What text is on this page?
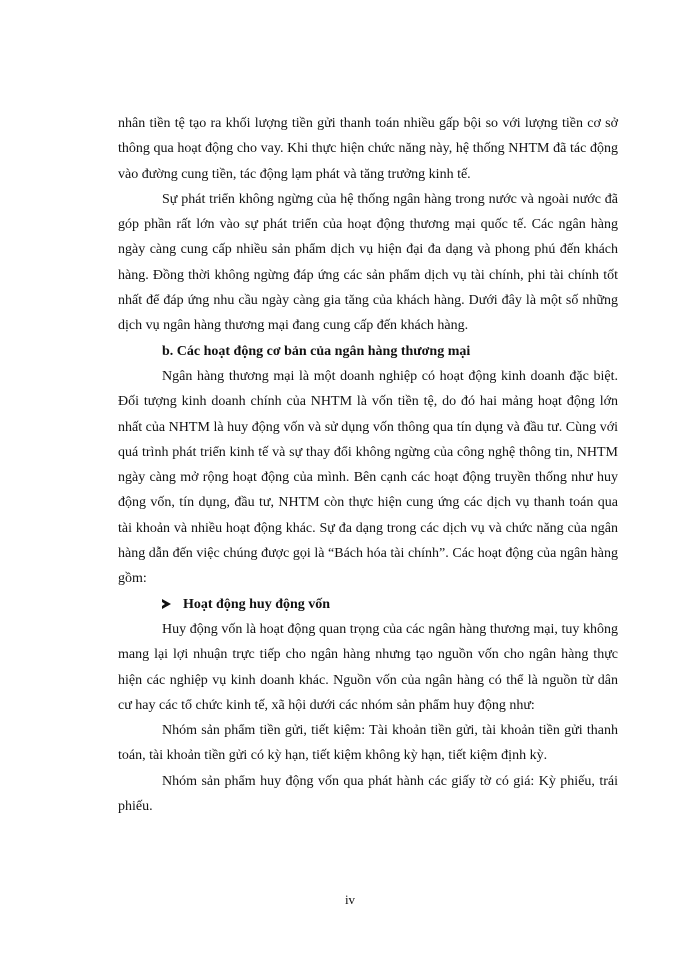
nhân tiền tệ tạo ra khối lượng tiền gửi thanh toán nhiều gấp bội so với lượng tiền cơ sở thông qua hoạt động cho vay. Khi thực hiện chức năng này, hệ thống NHTM đã tác động vào đường cung tiền, tác động lạm phát và tăng trưởng kinh tế.

Sự phát triển không ngừng của hệ thống ngân hàng trong nước và ngoài nước đã góp phần rất lớn vào sự phát triển của hoạt động thương mại quốc tế. Các ngân hàng ngày càng cung cấp nhiều sản phẩm dịch vụ hiện đại đa dạng và phong phú đến khách hàng. Đồng thời không ngừng đáp ứng các sản phẩm dịch vụ tài chính, phi tài chính tốt nhất để đáp ứng nhu cầu ngày càng gia tăng của khách hàng. Dưới đây là một số những dịch vụ ngân hàng thương mại đang cung cấp đến khách hàng.

b. Các hoạt động cơ bản của ngân hàng thương mại

Ngân hàng thương mại là một doanh nghiệp có hoạt động kinh doanh đặc biệt. Đối tượng kinh doanh chính của NHTM là vốn tiền tệ, do đó hai mảng hoạt động lớn nhất của NHTM là huy động vốn và sử dụng vốn thông qua tín dụng và đầu tư. Cùng với quá trình phát triển kinh tế và sự thay đổi không ngừng của công nghệ thông tin, NHTM ngày càng mở rộng hoạt động của mình. Bên cạnh các hoạt động truyền thống như huy động vốn, tín dụng, đầu tư, NHTM còn thực hiện cung ứng các dịch vụ thanh toán qua tài khoản và nhiều hoạt động khác. Sự đa dạng trong các dịch vụ và chức năng của ngân hàng dẫn đến việc chúng được gọi là “Bách hóa tài chính”. Các hoạt động của ngân hàng gồm:

Hoạt động huy động vốn

Huy động vốn là hoạt động quan trọng của các ngân hàng thương mại, tuy không mang lại lợi nhuận trực tiếp cho ngân hàng nhưng tạo nguồn vốn cho ngân hàng thực hiện các nghiệp vụ kinh doanh khác. Nguồn vốn của ngân hàng có thể là nguồn từ dân cư hay các tổ chức kinh tế, xã hội dưới các nhóm sản phẩm huy động như:

Nhóm sản phẩm tiền gửi, tiết kiệm: Tài khoản tiền gửi, tài khoản tiền gửi thanh toán, tài khoản tiền gửi có kỳ hạn, tiết kiệm không kỳ hạn, tiết kiệm định kỳ.

Nhóm sản phẩm huy động vốn qua phát hành các giấy tờ có giá: Kỳ phiếu, trái phiếu.

iv
